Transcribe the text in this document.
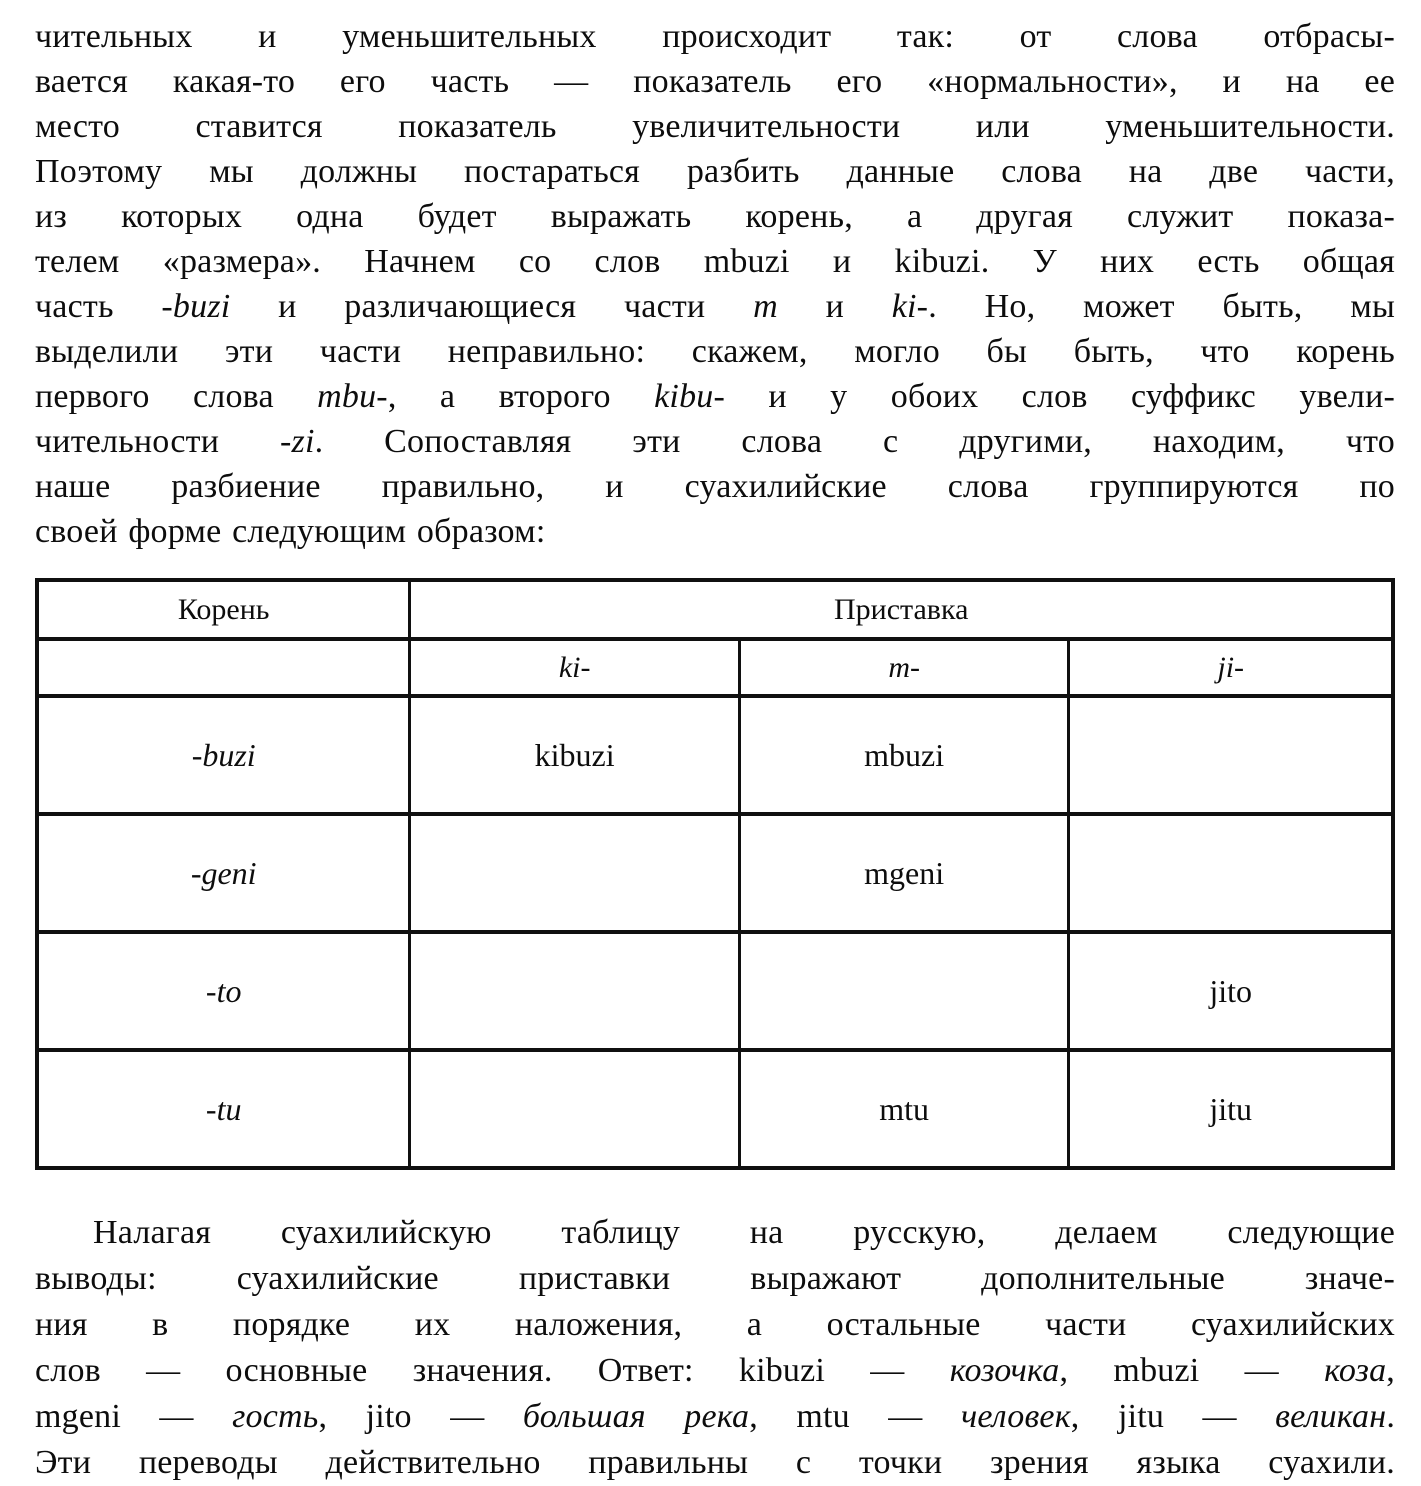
чительных и уменьшительных происходит так: от слова отбрасы-
вается какая-то его часть — показатель его «нормальности», и на ее
место ставится показатель увеличительности или уменьшительности.
Поэтому мы должны постараться разбить данные слова на две части,
из которых одна будет выражать корень, а другая служит показа-
телем «размера». Начнем со слов mbuzi и kibuzi. У них есть общая
часть -buzi и различающиеся части m и ki-. Но, может быть, мы
выделили эти части неправильно: скажем, могло бы быть, что корень
первого слова mbu-, а второго kibu- и у обоих слов суффикс увели-
чительности -zi. Сопоставляя эти слова с другими, находим, что
наше разбиение правильно, и суахилийские слова группируются по
своей форме следующим образом:
Корень	Приставка		
	ki-	m-	ji-
-buzi	kibuzi	mbuzi	
-geni		mgeni	
-to			jito
-tu		mtu	jitu
Налагая суахилийскую таблицу на русскую, делаем следующие
выводы: суахилийские приставки выражают дополнительные значе-
ния в порядке их наложения, а остальные части суахилийских
слов — основные значения. Ответ: kibuzi — козочка, mbuzi — коза,
mgeni — гость, jito — большая река, mtu — человек, jitu — великан.
Эти переводы действительно правильны с точки зрения языка суахили.
